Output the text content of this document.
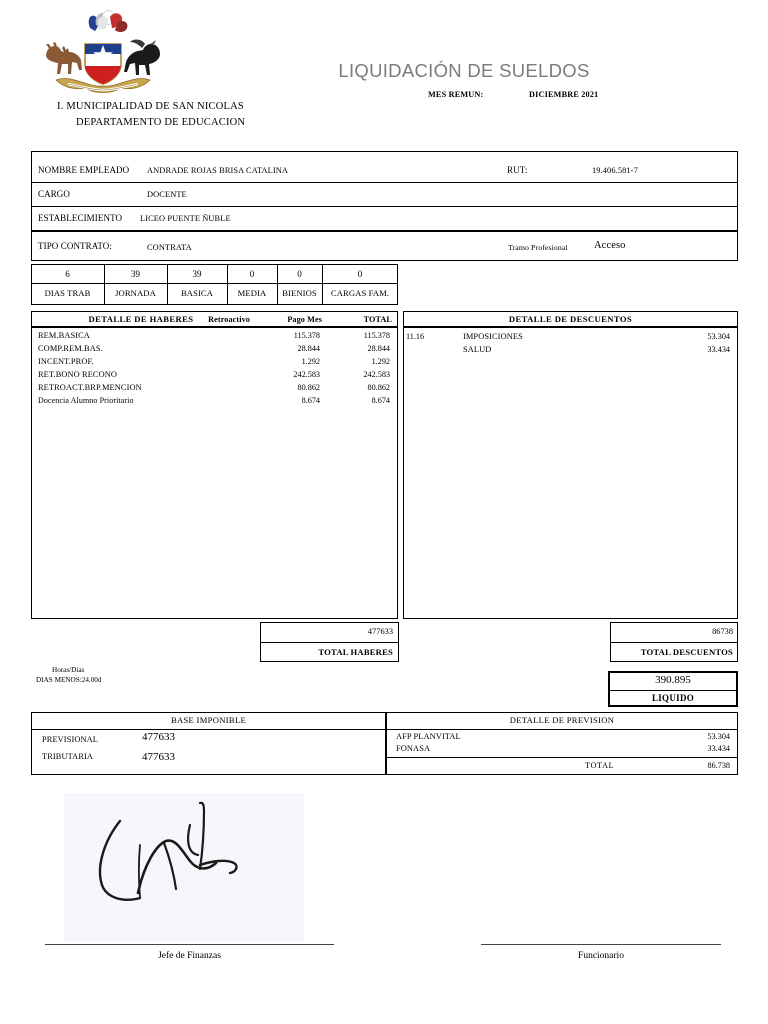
I. MUNICIPALIDAD DE SAN NICOLAS
DEPARTAMENTO DE EDUCACION
LIQUIDACIÓN DE SUELDOS
MES REMUN:	DICIEMBRE 2021
NOMBRE EMPLEADO ANDRADE ROJAS BRISA CATALINA	RUT:	19.406.581-7
CARGO	DOCENTE
ESTABLECIMIENTO LICEO PUENTE ÑUBLE
TIPO CONTRATO:	CONTRATA	Tramo Profesional	Acceso
6	39	39	0	0	0
DIAS TRAB	JORNADA	BASICA	MEDIA	BIENIOS	CARGAS FAM.
DETALLE DE HABERES	Retroactivo	Pago Mes	TOTAL
REM.BASICA	115.378	115.378
COMP.REM.BAS.	28.844	28.844
INCENT.PROF.	1.292	1.292
RET.BONO RECONO	242.583	242.583
RETROACT.BRP.MENCION	80.862	80.862
Docencia Alumno Prioritario	8.674	8.674
DETALLE DE DESCUENTOS
11.16	IMPOSICIONES	53.304
SALUD	33.434
477633
TOTAL HABERES
86738
TOTAL DESCUENTOS
390.895
LIQUIDO
Horas/Dias
DIAS MENOS:24.00d
BASE IMPONIBLE
PREVISIONAL	477633
TRIBUTARIA	477633
DETALLE DE PREVISION
AFP PLANVITAL	53.304
FONASA	33.434
TOTAL	86.738
Jefe de Finanzas	Funcionario
